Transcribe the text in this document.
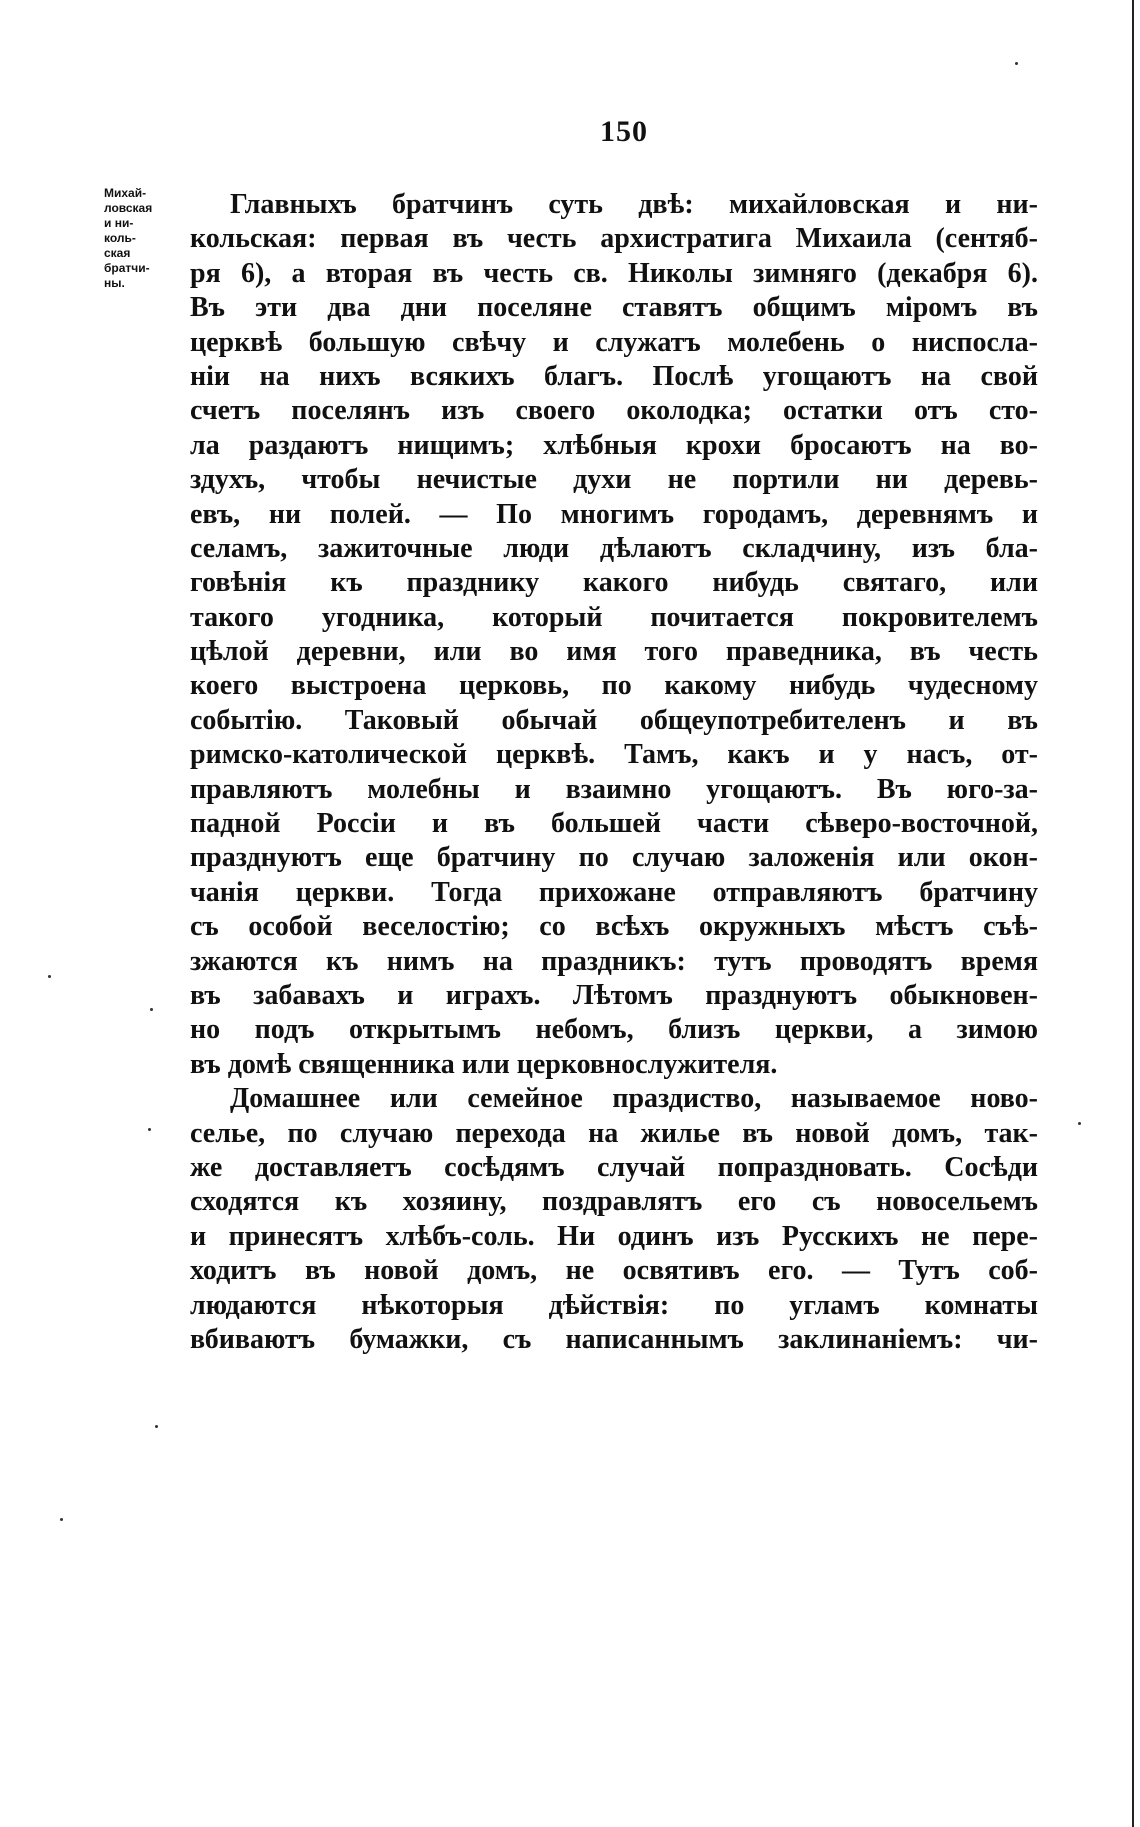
150
Михай-
ловская
и ни-
коль-
ская
братчи-
ны.
Главныхъ братчинъ суть двѣ: михайловская и ни-
кольская: первая въ честь архистратига Михаила (сентяб-
ря 6), а вторая въ честь св. Николы зимняго (декабря 6).
Въ эти два дни поселяне ставятъ общимъ міромъ въ
церквѣ большую свѣчу и служатъ молебень о ниспосла-
ніи на нихъ всякихъ благъ. Послѣ угощаютъ на свой
счетъ поселянъ изъ своего околодка; остатки отъ сто-
ла раздаютъ нищимъ; хлѣбныя крохи бросаютъ на во-
здухъ, чтобы нечистые духи не портили ни деревь-
евъ, ни полей. — По многимъ городамъ, деревнямъ и
селамъ, зажиточные люди дѣлаютъ складчину, изъ бла-
говѣнія къ празднику какого нибудь святаго, или
такого угодника, который почитается покровителемъ
цѣлой деревни, или во имя того праведника, въ честь
коего выстроена церковь, по какому нибудь чудесному
событію. Таковый обычай общеупотребителенъ и въ
римско-католической церквѣ. Тамъ, какъ и у насъ, от-
правляютъ молебны и взаимно угощаютъ. Въ юго-за-
падной Россіи и въ большей части сѣверо-восточной,
празднуютъ еще братчину по случаю заложенія или окон-
чанія церкви. Тогда прихожане отправляютъ братчину
съ особой веселостію; со всѣхъ окружныхъ мѣстъ съѣ-
зжаются къ нимъ на праздникъ: тутъ проводятъ время
въ забавахъ и играхъ. Лѣтомъ празднуютъ обыкновен-
но подъ открытымъ небомъ, близъ церкви, а зимою
въ домѣ священника или церковнослужителя.
Домашнее или семейное праздиство, называемое ново-
селье, по случаю перехода на жилье въ новой домъ, так-
же доставляетъ сосѣдямъ случай попраздновать. Сосѣди
сходятся къ хозяину, поздравлятъ его съ новосельемъ
и принесятъ хлѣбъ-соль. Ни одинъ изъ Русскихъ не пере-
ходитъ въ новой домъ, не освятивъ его. — Тутъ соб-
людаются нѣкоторыя дѣйствія: по угламъ комнаты
вбиваютъ бумажки, съ написаннымъ заклинаніемъ: чи-
